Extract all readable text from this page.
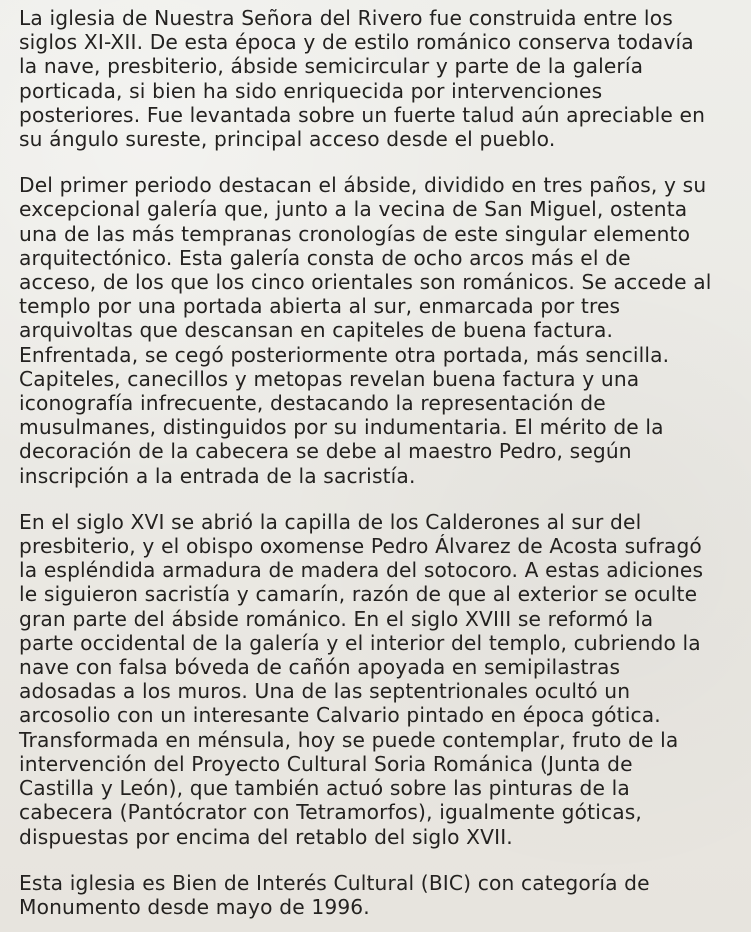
La iglesia de Nuestra Señora del Rivero fue construida entre los
siglos XI-XII. De esta época y de estilo románico conserva todavía
la nave, presbiterio, ábside semicircular y parte de la galería
porticada, si bien ha sido enriquecida por intervenciones
posteriores. Fue levantada sobre un fuerte talud aún apreciable en
su ángulo sureste, principal acceso desde el pueblo.
Del primer periodo destacan el ábside, dividido en tres paños, y su
excepcional galería que, junto a la vecina de San Miguel, ostenta
una de las más tempranas cronologías de este singular elemento
arquitectónico. Esta galería consta de ocho arcos más el de
acceso, de los que los cinco orientales son románicos. Se accede al
templo por una portada abierta al sur, enmarcada por tres
arquivoltas que descansan en capiteles de buena factura.
Enfrentada, se cegó posteriormente otra portada, más sencilla.
Capiteles, canecillos y metopas revelan buena factura y una
iconografía infrecuente, destacando la representación de
musulmanes, distinguidos por su indumentaria. El mérito de la
decoración de la cabecera se debe al maestro Pedro, según
inscripción a la entrada de la sacristía.
En el siglo XVI se abrió la capilla de los Calderones al sur del
presbiterio, y el obispo oxomense Pedro Álvarez de Acosta sufragó
la espléndida armadura de madera del sotocoro. A estas adiciones
le siguieron sacristía y camarín, razón de que al exterior se oculte
gran parte del ábside románico. En el siglo XVIII se reformó la
parte occidental de la galería y el interior del templo, cubriendo la
nave con falsa bóveda de cañón apoyada en semipilastras
adosadas a los muros. Una de las septentrionales ocultó un
arcosolio con un interesante Calvario pintado en época gótica.
Transformada en ménsula, hoy se puede contemplar, fruto de la
intervención del Proyecto Cultural Soria Románica (Junta de
Castilla y León), que también actuó sobre las pinturas de la
cabecera (Pantócrator con Tetramorfos), igualmente góticas,
dispuestas por encima del retablo del siglo XVII.
Esta iglesia es Bien de Interés Cultural (BIC) con categoría de
Monumento desde mayo de 1996.
